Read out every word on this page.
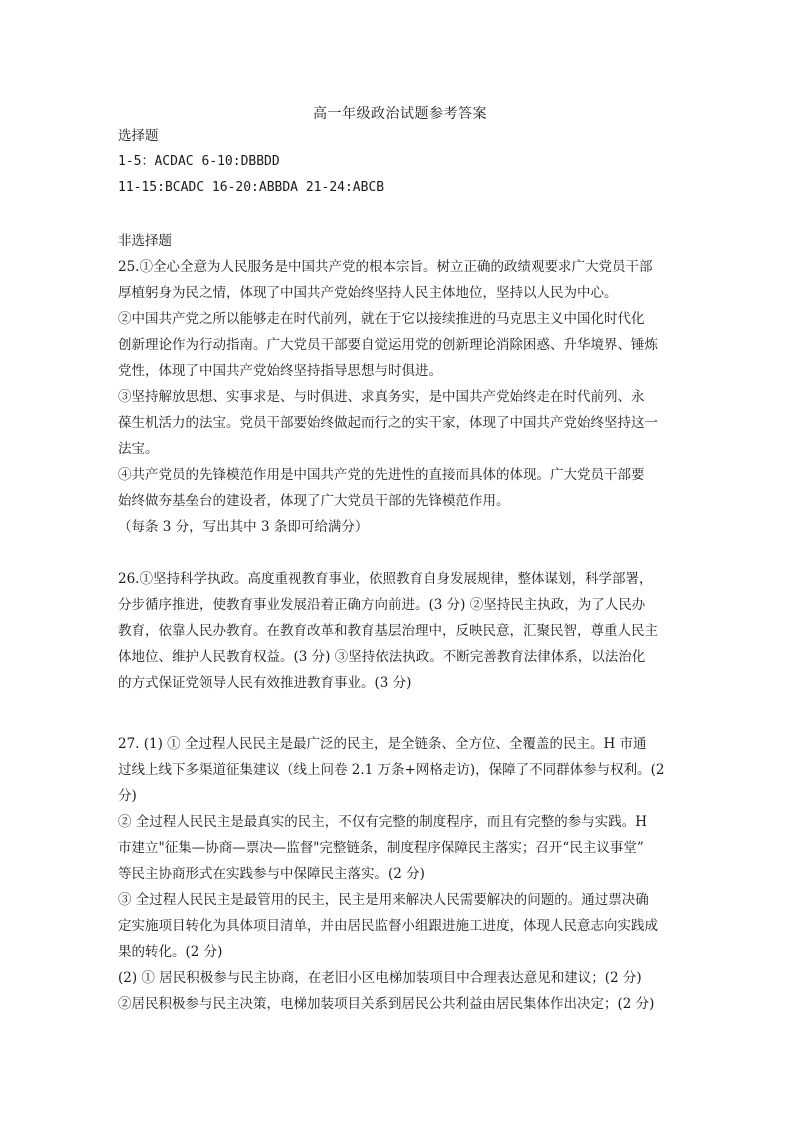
高一年级政治试题参考答案
选择题
1-5：ACDAC 6-10:DBBDD
11-15:BCADC 16-20:ABBDA 21-24:ABCB
非选择题
25.①全心全意为人民服务是中国共产党的根本宗旨。树立正确的政绩观要求广大党员干部
厚植躬身为民之情，体现了中国共产党始终坚持人民主体地位，坚持以人民为中心。
②中国共产党之所以能够走在时代前列，就在于它以接续推进的马克思主义中国化时代化
创新理论作为行动指南。广大党员干部要自觉运用党的创新理论消除困惑、升华境界、锤炼
党性，体现了中国共产党始终坚持指导思想与时俱进。
③坚持解放思想、实事求是、与时俱进、求真务实，是中国共产党始终走在时代前列、永
葆生机活力的法宝。党员干部要始终做起而行之的实干家，体现了中国共产党始终坚持这一
法宝。
④共产党员的先锋模范作用是中国共产党的先进性的直接而具体的体现。广大党员干部要
始终做夯基垒台的建设者，体现了广大党员干部的先锋模范作用。
（每条 3 分，写出其中 3 条即可给满分）
26.①坚持科学执政。高度重视教育事业，依照教育自身发展规律，整体谋划，科学部署，
分步循序推进，使教育事业发展沿着正确方向前进。(3 分) ②坚持民主执政，为了人民办
教育，依靠人民办教育。在教育改革和教育基层治理中，反映民意，汇聚民智，尊重人民主
体地位、维护人民教育权益。(3 分) ③坚持依法执政。不断完善教育法律体系，以法治化
的方式保证党领导人民有效推进教育事业。(3 分)
27. (1) ① 全过程人民民主是最广泛的民主，是全链条、全方位、全覆盖的民主。H 市通
过线上线下多渠道征集建议（线上问卷 2.1 万条+网格走访)，保障了不同群体参与权利。(2
分)
② 全过程人民民主是最真实的民主，不仅有完整的制度程序，而且有完整的参与实践。H
市建立"征集—协商—票决—监督"完整链条，制度程序保障民主落实；召开“民主议事堂”
等民主协商形式在实践参与中保障民主落实。(2 分)
③ 全过程人民民主是最管用的民主，民主是用来解决人民需要解决的问题的。通过票决确
定实施项目转化为具体项目清单，并由居民监督小组跟进施工进度，体现人民意志向实践成
果的转化。(2 分)
(2) ① 居民积极参与民主协商，在老旧小区电梯加装项目中合理表达意见和建议；(2 分)
②居民积极参与民主决策，电梯加装项目关系到居民公共利益由居民集体作出决定；(2 分)
